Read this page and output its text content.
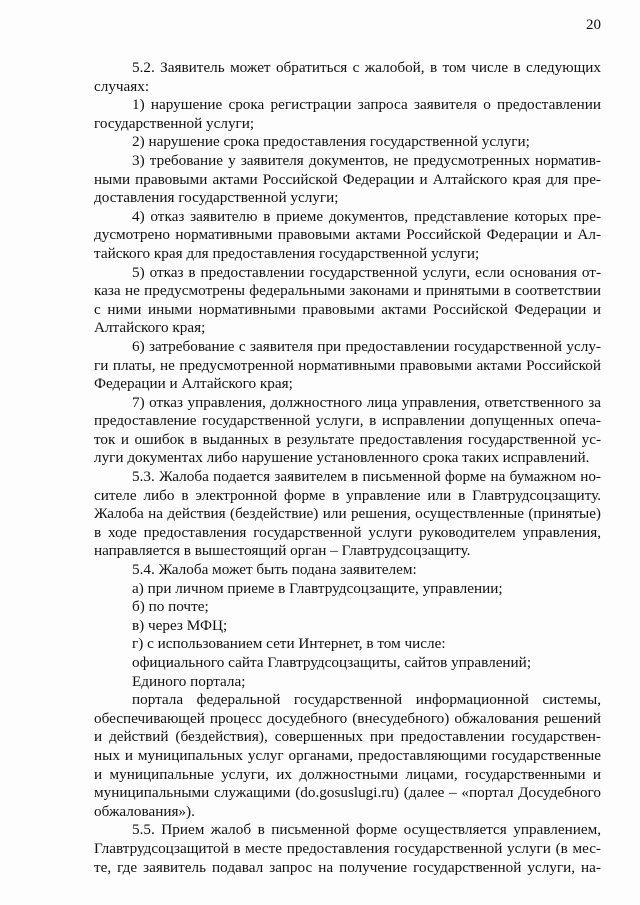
20
5.2. Заявитель может обратиться с жалобой, в том числе в следующих
случаях:
1) нарушение срока регистрации запроса заявителя о предоставлении
государственной услуги;
2) нарушение срока предоставления государственной услуги;
3) требование у заявителя документов, не предусмотренных норматив-
ными правовыми актами Российской Федерации и Алтайского края для пре-
доставления государственной услуги;
4) отказ заявителю в приеме документов, представление которых пре-
дусмотрено нормативными правовыми актами Российской Федерации и Ал-
тайского края для предоставления государственной услуги;
5) отказ в предоставлении государственной услуги, если основания от-
каза не предусмотрены федеральными законами и принятыми в соответствии
с ними иными нормативными правовыми актами Российской Федерации и
Алтайского края;
6) затребование с заявителя при предоставлении государственной услу-
ги платы, не предусмотренной нормативными правовыми актами Российской
Федерации и Алтайского края;
7) отказ управления, должностного лица управления, ответственного за
предоставление государственной услуги, в исправлении допущенных опеча-
ток и ошибок в выданных в результате предоставления государственной ус-
луги документах либо нарушение установленного срока таких исправлений.
5.3. Жалоба подается заявителем в письменной форме на бумажном но-
сителе либо в электронной форме в управление или в Главтрудсоцзащиту.
Жалоба на действия (бездействие) или решения, осуществленные (принятые)
в ходе предоставления государственной услуги руководителем управления,
направляется в вышестоящий орган – Главтрудсоцзащиту.
5.4. Жалоба может быть подана заявителем:
а) при личном приеме в Главтрудсоцзащите, управлении;
б) по почте;
в) через МФЦ;
г) с использованием сети Интернет, в том числе:
официального сайта Главтрудсоцзащиты, сайтов управлений;
Единого портала;
портала федеральной государственной информационной системы,
обеспечивающей процесс досудебного (внесудебного) обжалования решений
и действий (бездействия), совершенных при предоставлении государствен-
ных и муниципальных услуг органами, предоставляющими государственные
и муниципальные услуги, их должностными лицами, государственными и
муниципальными служащими (do.gosuslugi.ru) (далее – «портал Досудебного
обжалования»).
5.5. Прием жалоб в письменной форме осуществляется управлением,
Главтрудсоцзащитой в месте предоставления государственной услуги (в мес-
те, где заявитель подавал запрос на получение государственной услуги, на-
